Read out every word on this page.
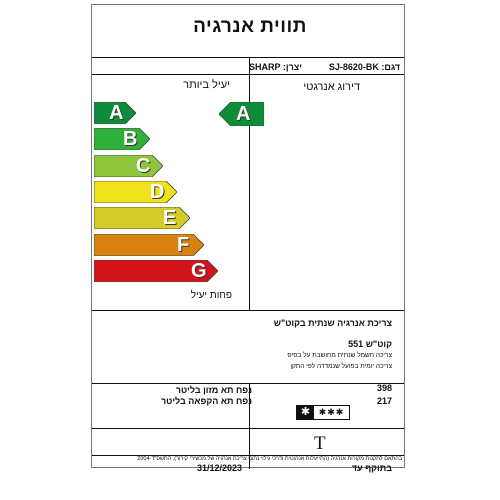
תווית אנרגיה
SHARP :יצרן	SJ-8620-BK :דגם
יעיל ביותר	דירוג אנרגטי
A
B
C
D
E
F
G
A
פחות יעיל
צריכת אנרגיה שנתית בקוט"ש
551 קוט"ש
צריכה חשמל שנתית מחושבת על בסיס
צריכה יומית בפועל שנמדדה לפי התקן
נפח תא מזון בליטר	398
נפח תא הקפאה בליטר	217
✱ ✱✱✱
T
31/12/2023	בתוקף עד
בהתאם לתקנות מקורות אנרגיה (התייעלות אנרגטית ודרכי גילוי נתוני צריכת אנרגיה של מכשירי קירור), התשס"ד-2004
